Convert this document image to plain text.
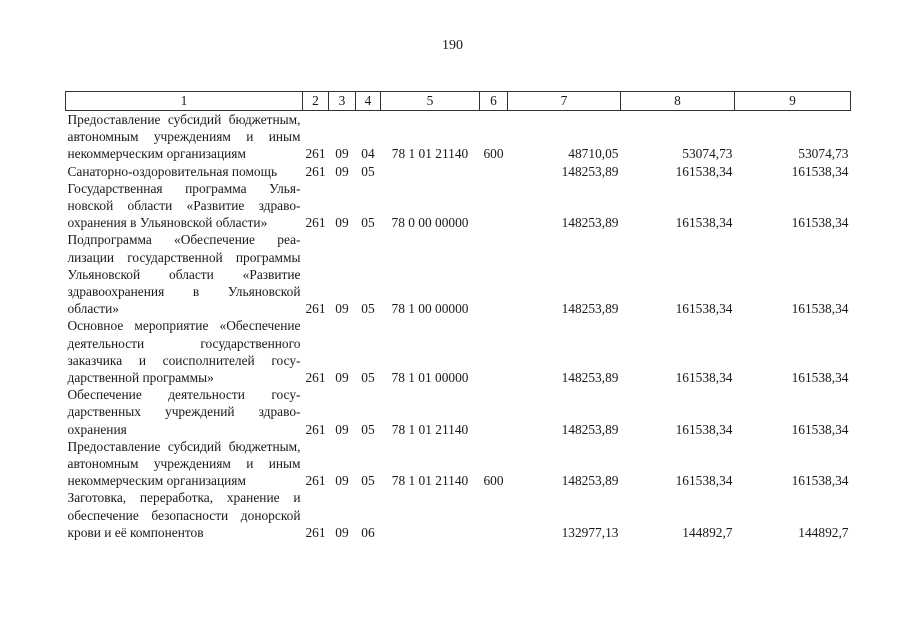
190
1	2	3	4	5	6	7	8	9
Предоставление субсидий бюджетным, автономным учреждениям и иным некоммерческим организациям	261	09	04	78 1 01 21140	600	48710,05	53074,73	53074,73
Санаторно-оздоровительная помощь	261	09	05			148253,89	161538,34	161538,34
Государственная программа Ульяновской области «Развитие здравоохранения в Ульяновской области»	261	09	05	78 0 00 00000		148253,89	161538,34	161538,34
Подпрограмма «Обеспечение реализации государственной программы Ульяновской области «Развитие здравоохранения в Ульяновской области»	261	09	05	78 1 00 00000		148253,89	161538,34	161538,34
Основное мероприятие «Обеспечение деятельности государственного заказчика и соисполнителей государственной программы»	261	09	05	78 1 01 00000		148253,89	161538,34	161538,34
Обеспечение деятельности государственных учреждений здравоохранения	261	09	05	78 1 01 21140		148253,89	161538,34	161538,34
Предоставление субсидий бюджетным, автономным учреждениям и иным некоммерческим организациям	261	09	05	78 1 01 21140	600	148253,89	161538,34	161538,34
Заготовка, переработка, хранение и обеспечение безопасности донорской крови и её компонентов	261	09	06			132977,13	144892,7	144892,7
